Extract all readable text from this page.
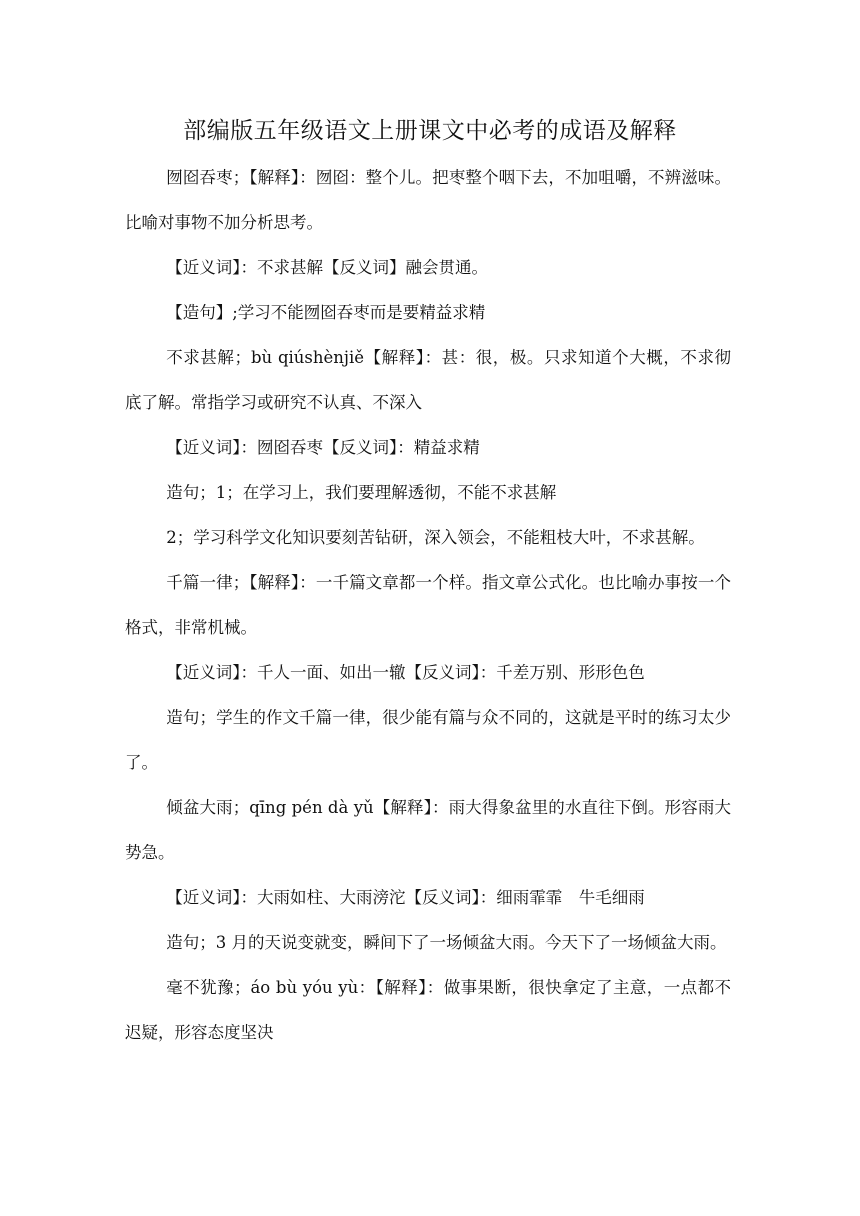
部编版五年级语文上册课文中必考的成语及解释

囫囵吞枣；【解释】：囫囵：整个儿。把枣整个咽下去，不加咀嚼，不辨滋味。比喻对事物不加分析思考。

【近义词】：不求甚解【反义词】融会贯通。

【造句】;学习不能囫囵吞枣而是要精益求精

不求甚解；bù qiúshènjiě【解释】：甚：很，极。只求知道个大概，不求彻底了解。常指学习或研究不认真、不深入

【近义词】：囫囵吞枣【反义词】：精益求精

造句；1；在学习上，我们要理解透彻，不能不求甚解

2；学习科学文化知识要刻苦钻研，深入领会，不能粗枝大叶，不求甚解。

千篇一律；【解释】：一千篇文章都一个样。指文章公式化。也比喻办事按一个格式，非常机械。

【近义词】：千人一面、如出一辙【反义词】：千差万别、形形色色

造句；学生的作文千篇一律，很少能有篇与众不同的，这就是平时的练习太少了。

倾盆大雨；qīng pén dà yǔ【解释】：雨大得象盆里的水直往下倒。形容雨大势急。

【近义词】：大雨如柱、大雨滂沱【反义词】：细雨霏霏　牛毛细雨

造句；3 月的天说变就变，瞬间下了一场倾盆大雨。今天下了一场倾盆大雨。

毫不犹豫；áo bù yóu yù：【解释】：做事果断，很快拿定了主意，一点都不迟疑，形容态度坚决
